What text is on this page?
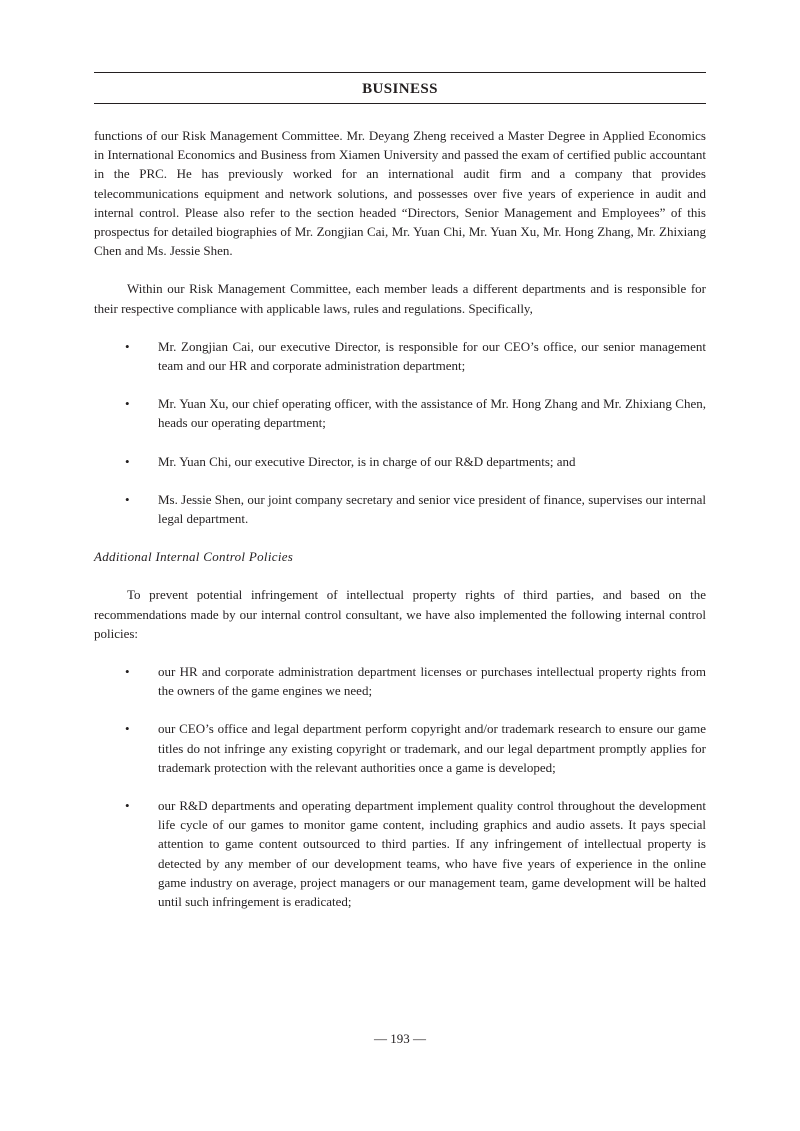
BUSINESS

functions of our Risk Management Committee. Mr. Deyang Zheng received a Master Degree in Applied Economics in International Economics and Business from Xiamen University and passed the exam of certified public accountant in the PRC. He has previously worked for an international audit firm and a company that provides telecommunications equipment and network solutions, and possesses over five years of experience in audit and internal control. Please also refer to the section headed “Directors, Senior Management and Employees” of this prospectus for detailed biographies of Mr. Zongjian Cai, Mr. Yuan Chi, Mr. Yuan Xu, Mr. Hong Zhang, Mr. Zhixiang Chen and Ms. Jessie Shen.

Within our Risk Management Committee, each member leads a different departments and is responsible for their respective compliance with applicable laws, rules and regulations. Specifically,

• Mr. Zongjian Cai, our executive Director, is responsible for our CEO’s office, our senior management team and our HR and corporate administration department;
• Mr. Yuan Xu, our chief operating officer, with the assistance of Mr. Hong Zhang and Mr. Zhixiang Chen, heads our operating department;
• Mr. Yuan Chi, our executive Director, is in charge of our R&D departments; and
• Ms. Jessie Shen, our joint company secretary and senior vice president of finance, supervises our internal legal department.

Additional Internal Control Policies

To prevent potential infringement of intellectual property rights of third parties, and based on the recommendations made by our internal control consultant, we have also implemented the following internal control policies:

• our HR and corporate administration department licenses or purchases intellectual property rights from the owners of the game engines we need;
• our CEO’s office and legal department perform copyright and/or trademark research to ensure our game titles do not infringe any existing copyright or trademark, and our legal department promptly applies for trademark protection with the relevant authorities once a game is developed;
• our R&D departments and operating department implement quality control throughout the development life cycle of our games to monitor game content, including graphics and audio assets. It pays special attention to game content outsourced to third parties. If any infringement of intellectual property is detected by any member of our development teams, who have five years of experience in the online game industry on average, project managers or our management team, game development will be halted until such infringement is eradicated;
— 193 —
